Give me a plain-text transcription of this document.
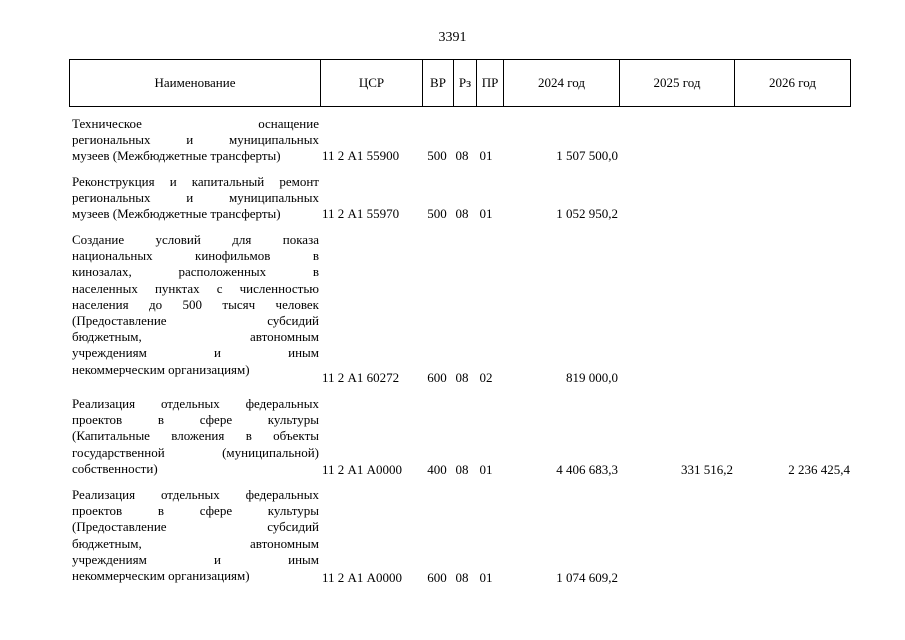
3391
Наименование	ЦСР	ВР Рз ПР	2024 год	2025 год	2026 год
Техническое оснащение
региональных и муниципальных
музеев (Межбюджетные трансферты)	11 2 А1 55900 500 08 01	1 507 500,0
Реконструкция и капитальный ремонт
региональных и муниципальных
музеев (Межбюджетные трансферты)	11 2 А1 55970 500 08 01	1 052 950,2
Создание условий для показа
национальных кинофильмов в
кинозалах, расположенных в
населенных пунктах с численностью
населения до 500 тысяч человек
(Предоставление субсидий
бюджетным, автономным
учреждениям и иным
некоммерческим организациям)
11 2 А1 60272 600 08 02	819 000,0
Реализация отдельных федеральных
проектов в сфере культуры
(Капитальные вложения в объекты
государственной (муниципальной)
собственности)	11 2 А1 А0000 400 08 01	4 406 683,3	331 516,2	2 236 425,4
Реализация отдельных федеральных
проектов в сфере культуры
(Предоставление субсидий
бюджетным, автономным
учреждениям и иным
некоммерческим организациям)	11 2 А1 А0000 600 08 01	1 074 609,2
